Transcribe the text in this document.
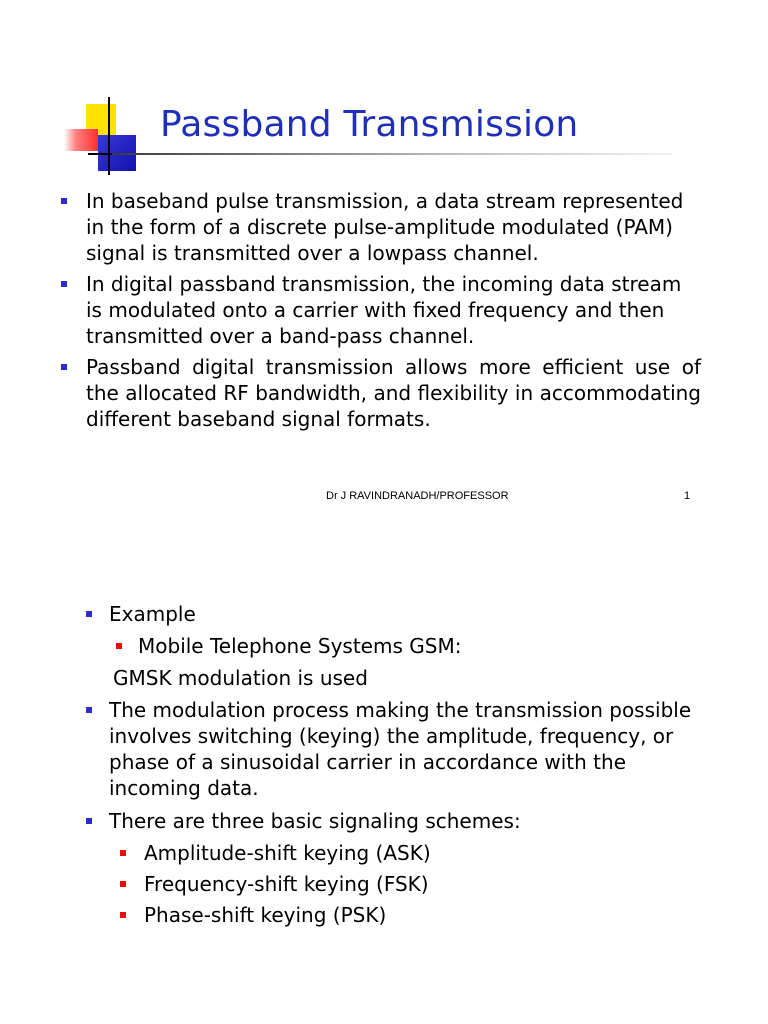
Passband Transmission
In baseband pulse transmission, a data stream represented in the form of a discrete pulse-amplitude modulated (PAM) signal is transmitted over a lowpass channel.
In digital passband transmission, the incoming data stream is modulated onto a carrier with fixed frequency and then transmitted over a band-pass channel.
Passband digital transmission allows more efficient use of the allocated RF bandwidth, and flexibility in accommodating different baseband signal formats.
Dr J RAVINDRANADH/PROFESSOR	1
Example
Mobile Telephone Systems GSM:
GMSK modulation is used
The modulation process making the transmission possible
involves switching (keying) the amplitude, frequency, or
phase of a sinusoidal carrier in accordance with the
incoming data.
There are three basic signaling schemes:
Amplitude-shift keying (ASK)
Frequency-shift keying (FSK)
Phase-shift keying (PSK)
